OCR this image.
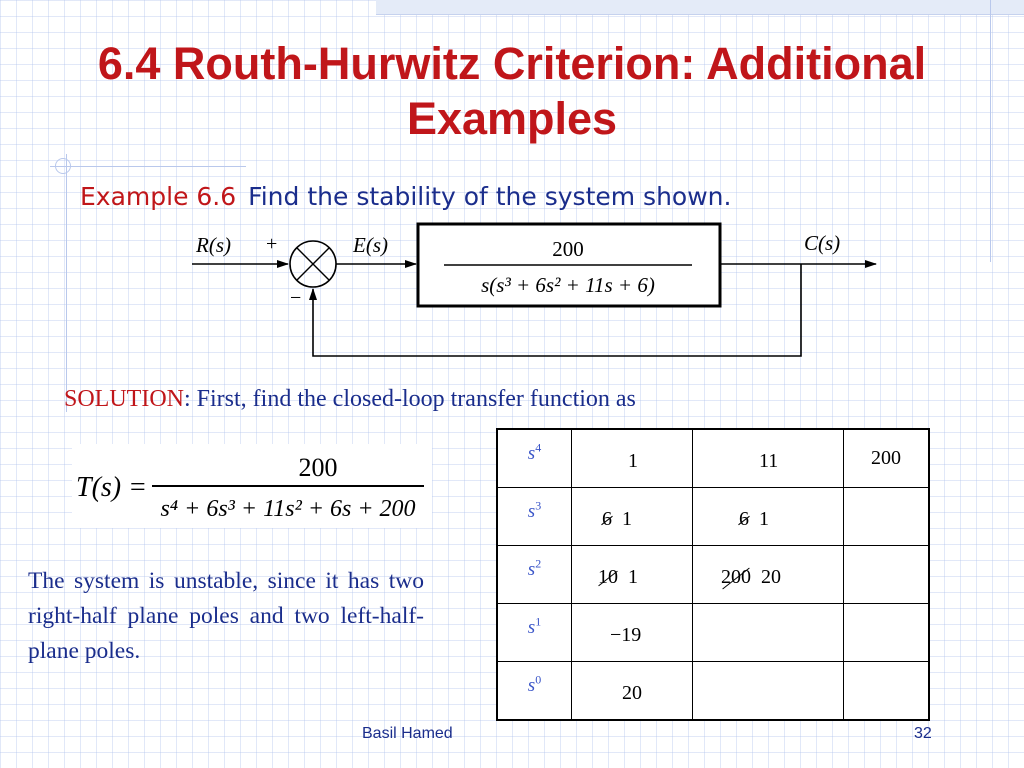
6.4 Routh-Hurwitz Criterion: Additional
Examples
Example 6.6 Find the stability of the system shown.
R(s) +
−
E(s)	200
s(s³ + 6s² + 11s + 6)
C(s)
SOLUTION: First, find the closed-loop transfer function as
T(s) =
200
s⁴ + 6s³ + 11s² + 6s + 200
The system is unstable, since it has two right-half plane poles and two left-half-plane poles.
$s^4$	1	11	200
$s^3$	6 1	6 1	

$s^2$	10 1	200 20	

$s^1$	−19		

$s^0$	20		

Basil Hamed	32
